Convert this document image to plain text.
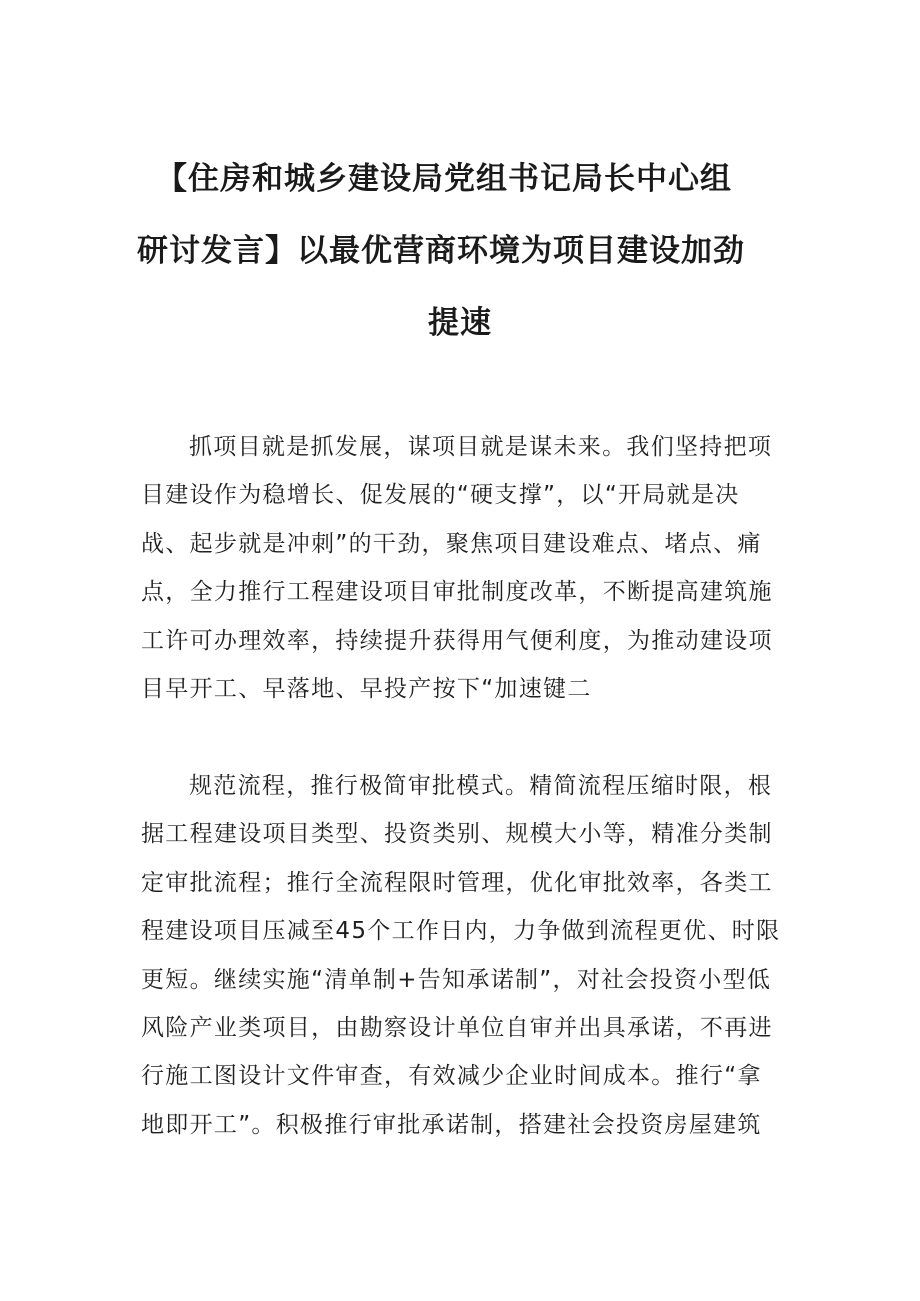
【住房和城乡建设局党组书记局长中心组
研讨发言】以最优营商环境为项目建设加劲
提速
抓项目就是抓发展，谋项目就是谋未来。我们坚持把项
目建设作为稳增长、促发展的“硬支撑”，以“开局就是决
战、起步就是冲刺”的干劲，聚焦项目建设难点、堵点、痛
点，全力推行工程建设项目审批制度改革，不断提高建筑施
工许可办理效率，持续提升获得用气便利度，为推动建设项
目早开工、早落地、早投产按下“加速键二
规范流程，推行极简审批模式。精简流程压缩时限，根
据工程建设项目类型、投资类别、规模大小等，精准分类制
定审批流程；推行全流程限时管理，优化审批效率，各类工
程建设项目压减至45个工作日内，力争做到流程更优、时限
更短。继续实施“清单制+告知承诺制”，对社会投资小型低
风险产业类项目，由勘察设计单位自审并出具承诺，不再进
行施工图设计文件审查，有效减少企业时间成本。推行“拿
地即开工”。积极推行审批承诺制，搭建社会投资房屋建筑
